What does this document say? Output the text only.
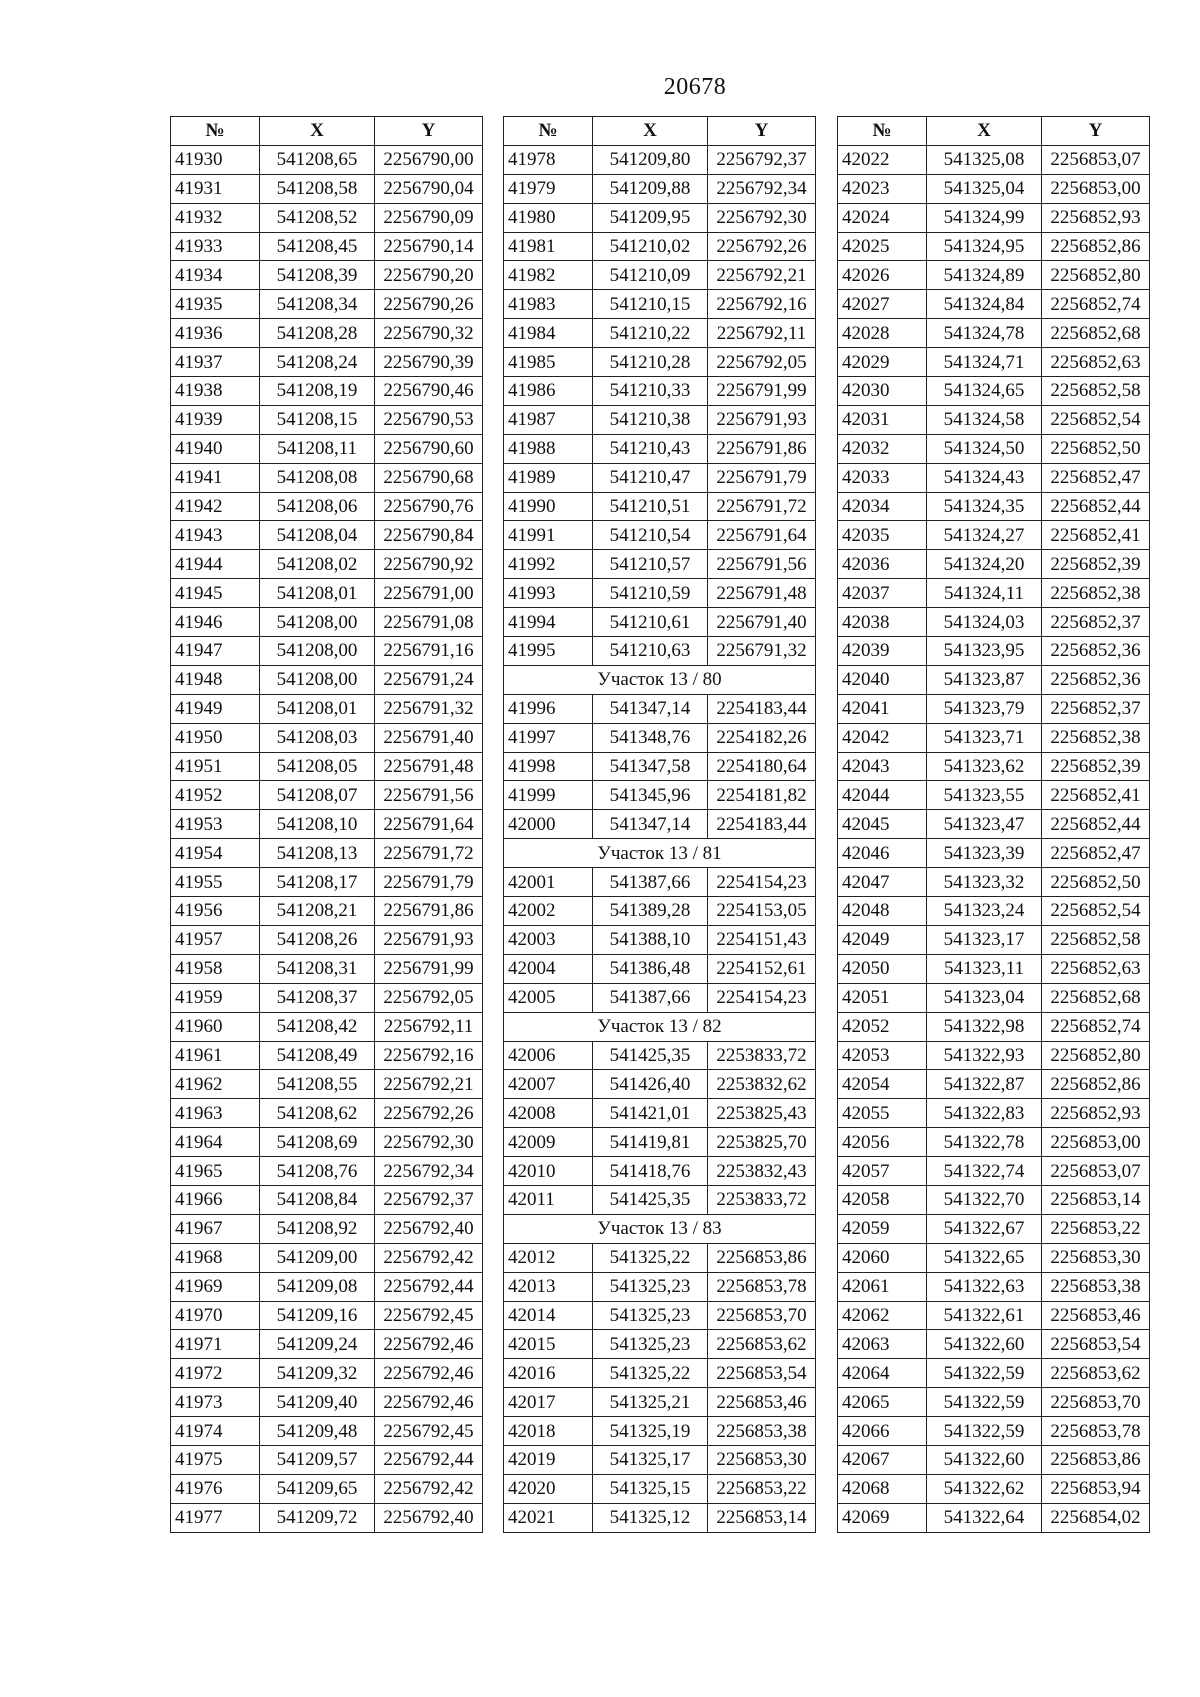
20678
№	X	Y
41930	541208,65	2256790,00
41931	541208,58	2256790,04
41932	541208,52	2256790,09
41933	541208,45	2256790,14
41934	541208,39	2256790,20
41935	541208,34	2256790,26
41936	541208,28	2256790,32
41937	541208,24	2256790,39
41938	541208,19	2256790,46
41939	541208,15	2256790,53
41940	541208,11	2256790,60
41941	541208,08	2256790,68
41942	541208,06	2256790,76
41943	541208,04	2256790,84
41944	541208,02	2256790,92
41945	541208,01	2256791,00
41946	541208,00	2256791,08
41947	541208,00	2256791,16
41948	541208,00	2256791,24
41949	541208,01	2256791,32
41950	541208,03	2256791,40
41951	541208,05	2256791,48
41952	541208,07	2256791,56
41953	541208,10	2256791,64
41954	541208,13	2256791,72
41955	541208,17	2256791,79
41956	541208,21	2256791,86
41957	541208,26	2256791,93
41958	541208,31	2256791,99
41959	541208,37	2256792,05
41960	541208,42	2256792,11
41961	541208,49	2256792,16
41962	541208,55	2256792,21
41963	541208,62	2256792,26
41964	541208,69	2256792,30
41965	541208,76	2256792,34
41966	541208,84	2256792,37
41967	541208,92	2256792,40
41968	541209,00	2256792,42
41969	541209,08	2256792,44
41970	541209,16	2256792,45
41971	541209,24	2256792,46
41972	541209,32	2256792,46
41973	541209,40	2256792,46
41974	541209,48	2256792,45
41975	541209,57	2256792,44
41976	541209,65	2256792,42
41977	541209,72	2256792,40
№	X	Y
41978	541209,80	2256792,37
41979	541209,88	2256792,34
41980	541209,95	2256792,30
41981	541210,02	2256792,26
41982	541210,09	2256792,21
41983	541210,15	2256792,16
41984	541210,22	2256792,11
41985	541210,28	2256792,05
41986	541210,33	2256791,99
41987	541210,38	2256791,93
41988	541210,43	2256791,86
41989	541210,47	2256791,79
41990	541210,51	2256791,72
41991	541210,54	2256791,64
41992	541210,57	2256791,56
41993	541210,59	2256791,48
41994	541210,61	2256791,40
41995	541210,63	2256791,32
Участок 13 / 80		
41996	541347,14	2254183,44
41997	541348,76	2254182,26
41998	541347,58	2254180,64
41999	541345,96	2254181,82
42000	541347,14	2254183,44
Участок 13 / 81		
42001	541387,66	2254154,23
42002	541389,28	2254153,05
42003	541388,10	2254151,43
42004	541386,48	2254152,61
42005	541387,66	2254154,23
Участок 13 / 82		
42006	541425,35	2253833,72
42007	541426,40	2253832,62
42008	541421,01	2253825,43
42009	541419,81	2253825,70
42010	541418,76	2253832,43
42011	541425,35	2253833,72
Участок 13 / 83		
42012	541325,22	2256853,86
42013	541325,23	2256853,78
42014	541325,23	2256853,70
42015	541325,23	2256853,62
42016	541325,22	2256853,54
42017	541325,21	2256853,46
42018	541325,19	2256853,38
42019	541325,17	2256853,30
42020	541325,15	2256853,22
42021	541325,12	2256853,14
№	X	Y
42022	541325,08	2256853,07
42023	541325,04	2256853,00
42024	541324,99	2256852,93
42025	541324,95	2256852,86
42026	541324,89	2256852,80
42027	541324,84	2256852,74
42028	541324,78	2256852,68
42029	541324,71	2256852,63
42030	541324,65	2256852,58
42031	541324,58	2256852,54
42032	541324,50	2256852,50
42033	541324,43	2256852,47
42034	541324,35	2256852,44
42035	541324,27	2256852,41
42036	541324,20	2256852,39
42037	541324,11	2256852,38
42038	541324,03	2256852,37
42039	541323,95	2256852,36
42040	541323,87	2256852,36
42041	541323,79	2256852,37
42042	541323,71	2256852,38
42043	541323,62	2256852,39
42044	541323,55	2256852,41
42045	541323,47	2256852,44
42046	541323,39	2256852,47
42047	541323,32	2256852,50
42048	541323,24	2256852,54
42049	541323,17	2256852,58
42050	541323,11	2256852,63
42051	541323,04	2256852,68
42052	541322,98	2256852,74
42053	541322,93	2256852,80
42054	541322,87	2256852,86
42055	541322,83	2256852,93
42056	541322,78	2256853,00
42057	541322,74	2256853,07
42058	541322,70	2256853,14
42059	541322,67	2256853,22
42060	541322,65	2256853,30
42061	541322,63	2256853,38
42062	541322,61	2256853,46
42063	541322,60	2256853,54
42064	541322,59	2256853,62
42065	541322,59	2256853,70
42066	541322,59	2256853,78
42067	541322,60	2256853,86
42068	541322,62	2256853,94
42069	541322,64	2256854,02
